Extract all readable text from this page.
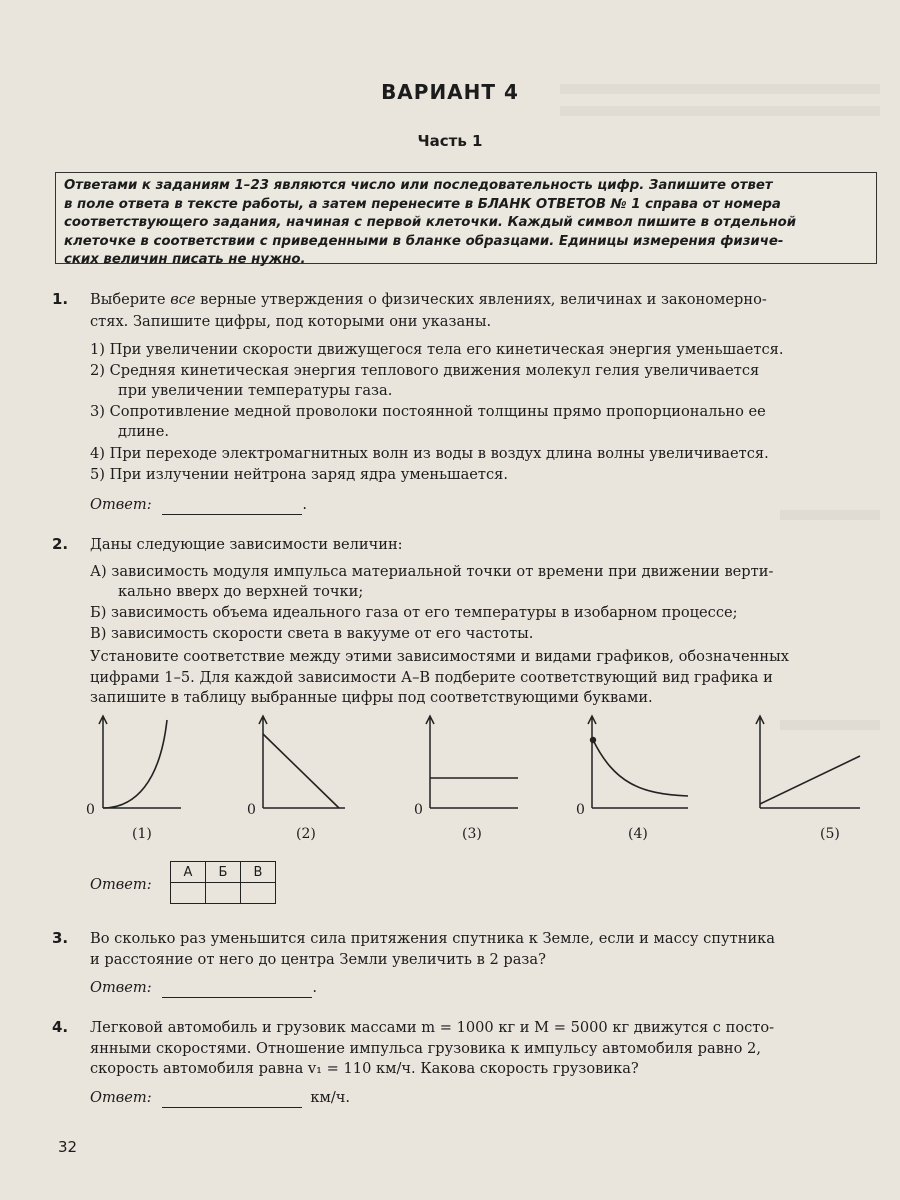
ВАРИАНТ 4
Часть 1
Ответами к заданиям 1–23 являются число или последовательность цифр. Запишите ответ
в поле ответа в тексте работы, а затем перенесите в БЛАНК ОТВЕТОВ № 1 справа от номера
соответствующего задания, начиная с первой клеточки. Каждый символ пишите в отдельной
клеточке в соответствии с приведенными в бланке образцами. Единицы измерения физиче-
ских величин писать не нужно.
1. Выберите все верные утверждения о физических явлениях, величинах и закономерно-
стях. Запишите цифры, под которыми они указаны.
1) При увеличении скорости движущегося тела его кинетическая энергия уменьшается.
2) Средняя кинетическая энергия теплового движения молекул гелия увеличивается
при увеличении температуры газа.
3) Сопротивление медной проволоки постоянной толщины прямо пропорционально ее
длине.
4) При переходе электромагнитных волн из воды в воздух длина волны увеличивается.
5) При излучении нейтрона заряд ядра уменьшается.
Ответ:	.
2. Даны следующие зависимости величин:
А) зависимость модуля импульса материальной точки от времени при движении верти-
кально вверх до верхней точки;
Б) зависимость объема идеального газа от его температуры в изобарном процессе;
В) зависимость скорости света в вакууме от его частоты.
Установите соответствие между этими зависимостями и видами графиков, обозначенных
цифрами 1–5. Для каждой зависимости А–В подберите соответствующий вид графика и
запишите в таблицу выбранные цифры под соответствующими буквами.
0
(1)
0
(2)
0
(3)
0
(4)	(5)
Ответ:
А	Б	В

3. Во сколько раз уменьшится сила притяжения спутника к Земле, если и массу спутника
и расстояние от него до центра Земли увеличить в 2 раза?
Ответ:	.
4. Легковой автомобиль и грузовик массами m = 1000 кг и M = 5000 кг движутся с посто-
янными скоростями. Отношение импульса грузовика к импульсу автомобиля равно 2,
скорость автомобиля равна v₁ = 110 км/ч. Какова скорость грузовика?
Ответ:	км/ч.
32
